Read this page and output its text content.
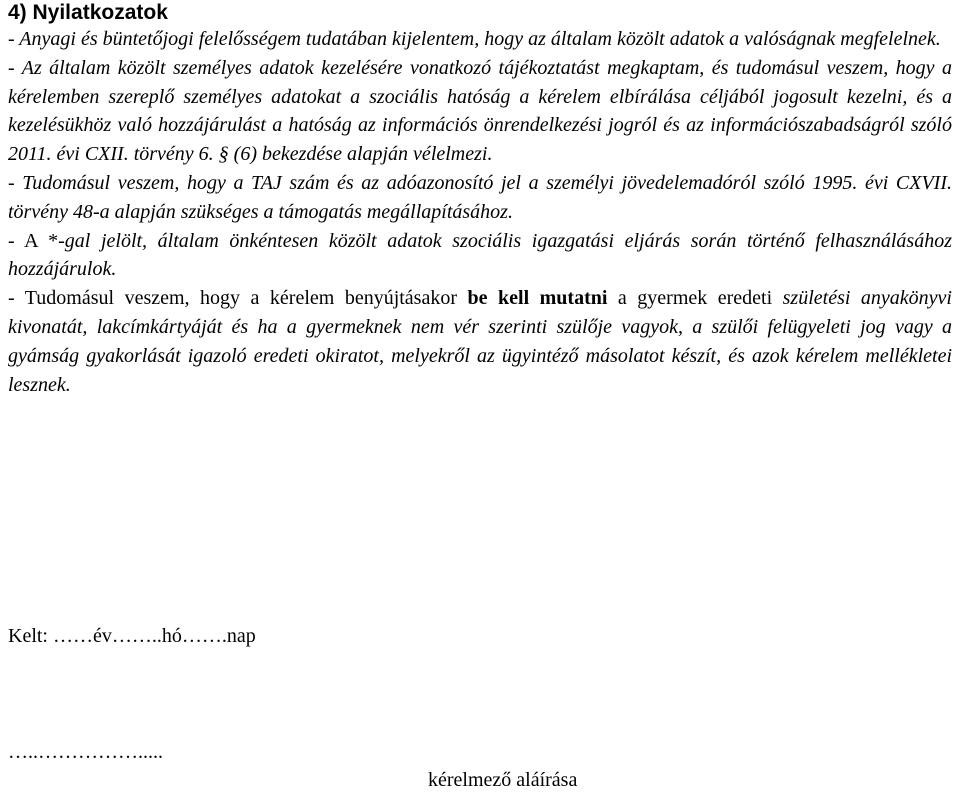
4) Nyilatkozatok

- Anyagi és büntetőjogi felelősségem tudatában kijelentem, hogy az általam közölt adatok a valóságnak megfelelnek.

- Az általam közölt személyes adatok kezelésére vonatkozó tájékoztatást megkaptam, és tudomásul veszem, hogy a kérelemben szereplő személyes adatokat a szociális hatóság a kérelem elbírálása céljából jogosult kezelni, és a kezelésükhöz való hozzájárulást a hatóság az információs önrendelkezési jogról és az információszabadságról szóló 2011. évi CXII. törvény 6. § (6) bekezdése alapján vélelmezi.

- Tudomásul veszem, hogy a TAJ szám és az adóazonosító jel a személyi jövedelemadóról szóló 1995. évi CXVII. törvény 48-a alapján szükséges a támogatás megállapításához.

- A *-gal jelölt, általam önkéntesen közölt adatok szociális igazgatási eljárás során történő felhasználásához hozzájárulok.

- Tudomásul veszem, hogy a kérelem benyújtásakor be kell mutatni a gyermek eredeti születési anyakönyvi kivonatát, lakcímkártyáját és ha a gyermeknek nem vér szerinti szülője vagyok, a szülői felügyeleti jog vagy a gyámság gyakorlását igazoló eredeti okiratot, melyekről az ügyintéző másolatot készít, és azok kérelem mellékletei lesznek.

Kelt: ……év……..hó…….nap
…..…………….....
kérelmező aláírása
